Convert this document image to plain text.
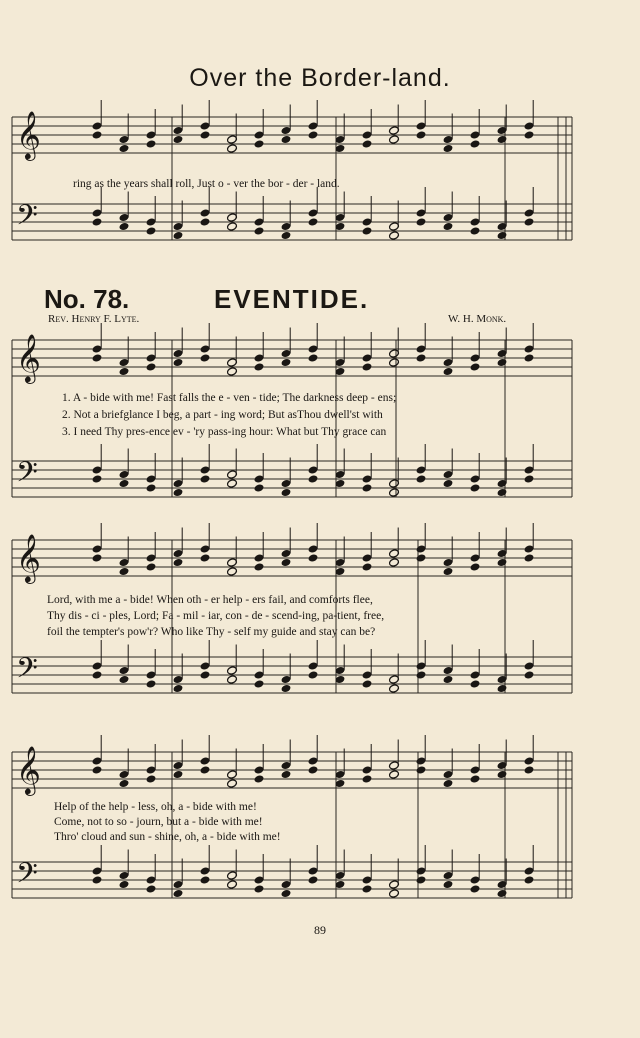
Over the Border-land.
𝄞
𝄢
𝄞
𝄢
𝄞
𝄢
𝄞
𝄢
ring as the years shall roll, Just o - ver the bor - der - land.
No. 78.	EVENTIDE.
Rev. Henry F. Lyte.	W. H. Monk.
1. A - bide with me! Fast falls the e - ven - tide; The darkness deep - ens;
2. Not a briefglance I beg, a part - ing word; But asThou dwell'st with
3. I need Thy pres-ence ev - 'ry pass-ing hour: What but Thy grace can
Lord, with me a - bide! When oth - er help - ers fail, and comforts flee,
Thy dis - ci - ples, Lord; Fa - mil - iar, con - de - scend-ing, pa-tient, free,
foil the tempter's pow'r? Who like Thy - self my guide and stay can be?
Help of the help - less, oh, a - bide with me!
Come, not to so - journ, but a - bide with me!
Thro' cloud and sun - shine, oh, a - bide with me!
89
